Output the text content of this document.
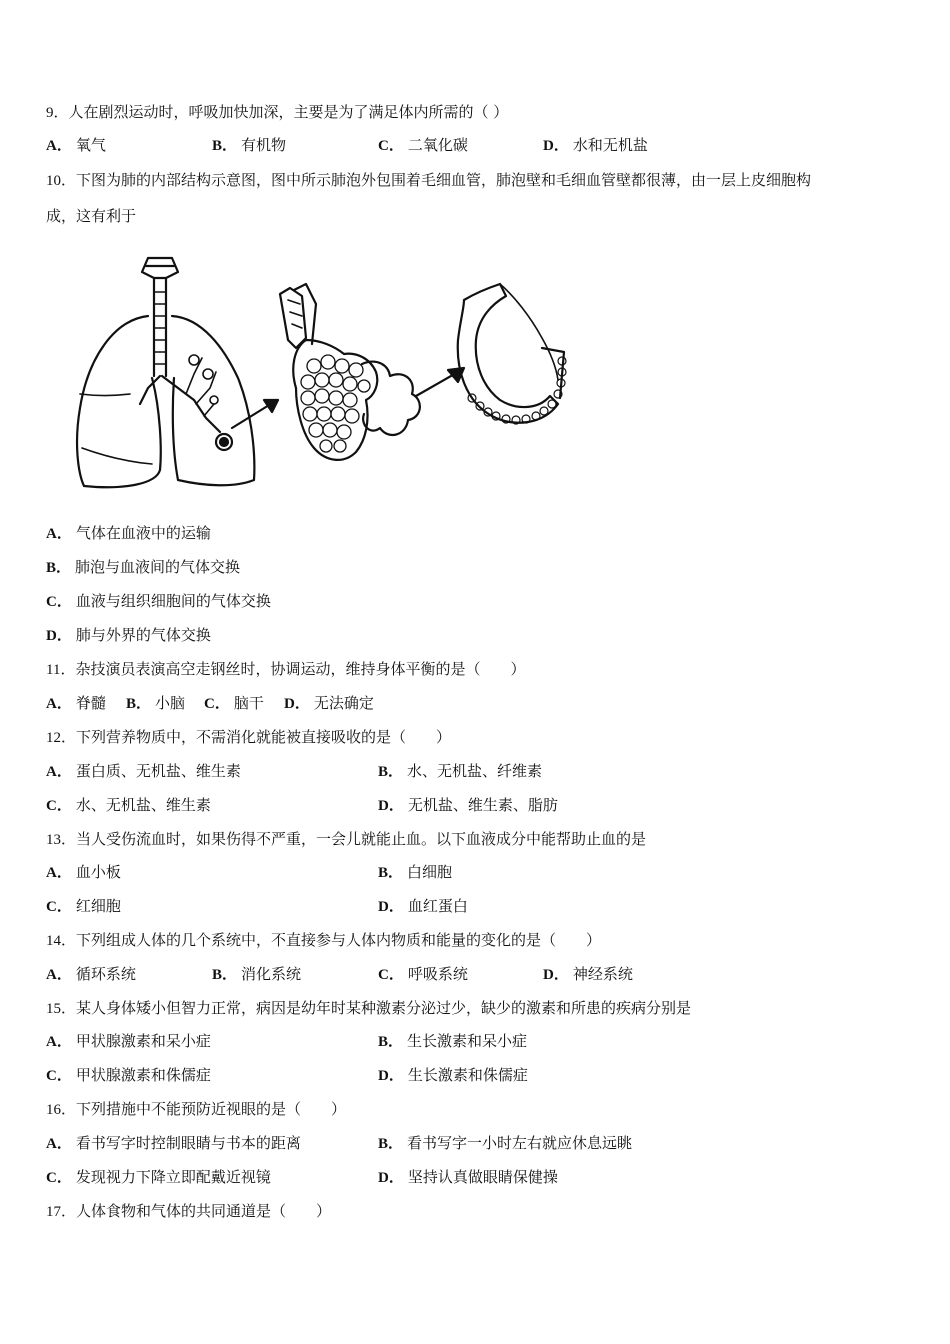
9．人在剧烈运动时，呼吸加快加深，主要是为了满足体内所需的（ ）
A． 氧气	B． 有机物	C． 二氧化碳	D． 水和无机盐
10．下图为肺的内部结构示意图，图中所示肺泡外包围着毛细血管，肺泡壁和毛细血管壁都很薄，由一层上皮细胞构
成，这有利于
A． 气体在血液中的运输
B． 肺泡与血液间的气体交换
C． 血液与组织细胞间的气体交换
D． 肺与外界的气体交换
11．杂技演员表演高空走钢丝时，协调运动，维持身体平衡的是（　　）
A． 脊髓 B． 小脑 C． 脑干 D． 无法确定
12．下列营养物质中，不需消化就能被直接吸收的是（　　）
A． 蛋白质、无机盐、维生素	B． 水、无机盐、纤维素
C． 水、无机盐、维生素	D． 无机盐、维生素、脂肪
13．当人受伤流血时，如果伤得不严重，一会儿就能止血。以下血液成分中能帮助止血的是
A． 血小板	B． 白细胞
C． 红细胞	D． 血红蛋白
14．下列组成人体的几个系统中，不直接参与人体内物质和能量的变化的是（　　）
A． 循环系统	B． 消化系统	C． 呼吸系统	D． 神经系统
15．某人身体矮小但智力正常，病因是幼年时某种激素分泌过少，缺少的激素和所患的疾病分别是
A． 甲状腺激素和呆小症	B． 生长激素和呆小症
C． 甲状腺激素和侏儒症	D． 生长激素和侏儒症
16．下列措施中不能预防近视眼的是（　　）
A． 看书写字时控制眼睛与书本的距离	B． 看书写字一小时左右就应休息远眺
C． 发现视力下降立即配戴近视镜	D． 坚持认真做眼睛保健操
17．人体食物和气体的共同通道是（　　）
